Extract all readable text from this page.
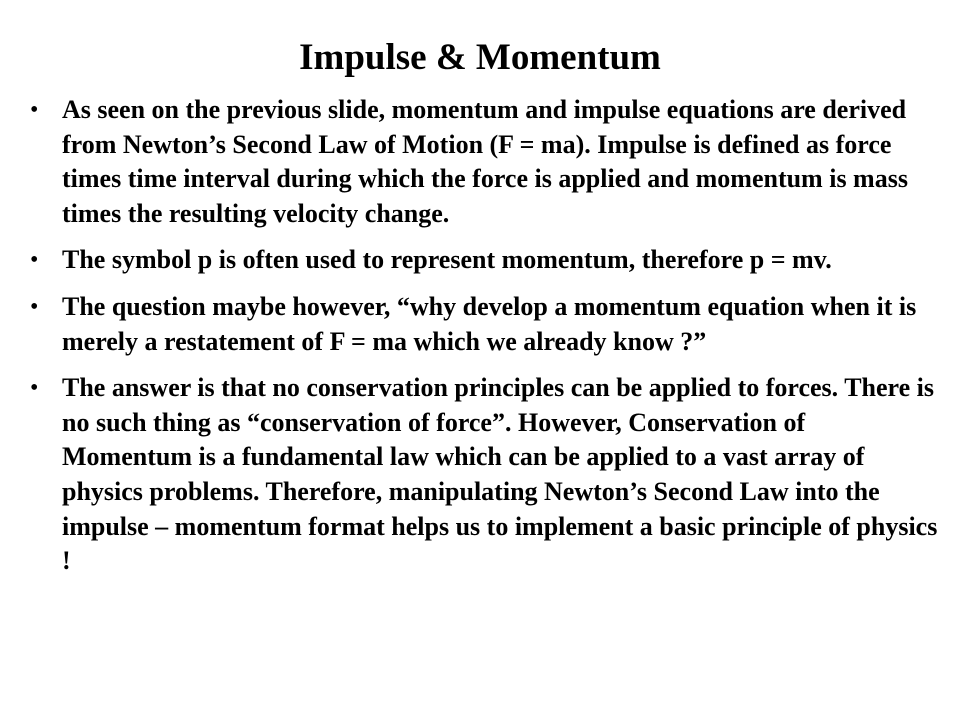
Impulse & Momentum
• As seen on the previous slide, momentum and impulse equations are derived from Newton’s Second Law of Motion (F = ma). Impulse is defined as force times time interval during which the force is applied and momentum is mass times the resulting velocity change.
• The symbol p is often used to represent momentum, therefore p = mv.
• The question maybe however, “why develop a momentum equation when it is merely a restatement of F = ma which we already know ?”
• The answer is that no conservation principles can be applied to forces. There is no such thing as “conservation of force”. However, Conservation of Momentum is a fundamental law which can be applied to a vast array of physics problems. Therefore, manipulating Newton’s Second Law into the impulse – momentum format helps us to implement a basic principle of physics !
